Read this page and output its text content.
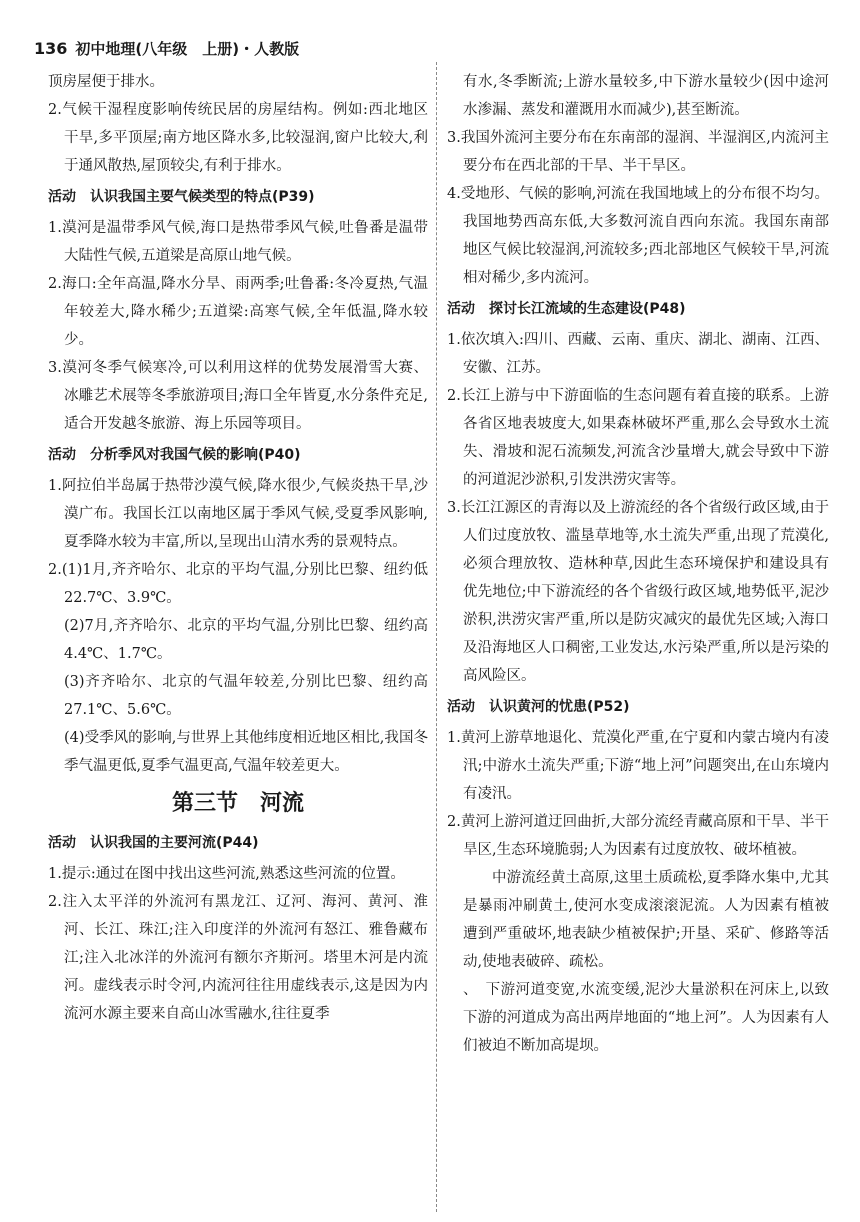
136 初中地理(八年级　上册)・人教版

顶房屋便于排水。

2.气候干湿程度影响传统民居的房屋结构。例如:西北地区干旱,多平顶屋;南方地区降水多,比较湿润,窗户比较大,利于通风散热,屋顶较尖,有利于排水。

活动　认识我国主要气候类型的特点(P39)

1.漠河是温带季风气候,海口是热带季风气候,吐鲁番是温带大陆性气候,五道梁是高原山地气候。

2.海口:全年高温,降水分旱、雨两季;吐鲁番:冬冷夏热,气温年较差大,降水稀少;五道梁:高寒气候,全年低温,降水较少。

3.漠河冬季气候寒冷,可以利用这样的优势发展滑雪大赛、冰雕艺术展等冬季旅游项目;海口全年皆夏,水分条件充足,适合开发越冬旅游、海上乐园等项目。

活动　分析季风对我国气候的影响(P40)

1.阿拉伯半岛属于热带沙漠气候,降水很少,气候炎热干旱,沙漠广布。我国长江以南地区属于季风气候,受夏季风影响,夏季降水较为丰富,所以,呈现出山清水秀的景观特点。

2.(1)1月,齐齐哈尔、北京的平均气温,分别比巴黎、纽约低22.7℃、3.9℃。

(2)7月,齐齐哈尔、北京的平均气温,分别比巴黎、纽约高4.4℃、1.7℃。

(3)齐齐哈尔、北京的气温年较差,分别比巴黎、纽约高27.1℃、5.6℃。

(4)受季风的影响,与世界上其他纬度相近地区相比,我国冬季气温更低,夏季气温更高,气温年较差更大。

第三节　河流
活动　认识我国的主要河流(P44)

1.提示:通过在图中找出这些河流,熟悉这些河流的位置。

2.注入太平洋的外流河有黑龙江、辽河、海河、黄河、淮河、长江、珠江;注入印度洋的外流河有怒江、雅鲁藏布江;注入北冰洋的外流河有额尔齐斯河。塔里木河是内流河。虚线表示时令河,内流河往往用虚线表示,这是因为内流河水源主要来自高山冰雪融水,往往夏季

有水,冬季断流;上游水量较多,中下游水量较少(因中途河水渗漏、蒸发和灌溉用水而减少),甚至断流。

3.我国外流河主要分布在东南部的湿润、半湿润区,内流河主要分布在西北部的干旱、半干旱区。

4.受地形、气候的影响,河流在我国地域上的分布很不均匀。我国地势西高东低,大多数河流自西向东流。我国东南部地区气候比较湿润,河流较多;西北部地区气候较干旱,河流相对稀少,多内流河。

活动　探讨长江流域的生态建设(P48)

1.依次填入:四川、西藏、云南、重庆、湖北、湖南、江西、安徽、江苏。

2.长江上游与中下游面临的生态问题有着直接的联系。上游各省区地表坡度大,如果森林破坏严重,那么会导致水土流失、滑坡和泥石流频发,河流含沙量增大,就会导致中下游的河道泥沙淤积,引发洪涝灾害等。

3.长江江源区的青海以及上游流经的各个省级行政区域,由于人们过度放牧、滥垦草地等,水土流失严重,出现了荒漠化,必须合理放牧、造林种草,因此生态环境保护和建设具有优先地位;中下游流经的各个省级行政区域,地势低平,泥沙淤积,洪涝灾害严重,所以是防灾减灾的最优先区域;入海口及沿海地区人口稠密,工业发达,水污染严重,所以是污染的高风险区。

活动　认识黄河的忧患(P52)

1.黄河上游草地退化、荒漠化严重,在宁夏和内蒙古境内有凌汛;中游水土流失严重;下游“地上河”问题突出,在山东境内有凌汛。

2.黄河上游河道迂回曲折,大部分流经青藏高原和干旱、半干旱区,生态环境脆弱;人为因素有过度放牧、破坏植被。

中游流经黄土高原,这里土质疏松,夏季降水集中,尤其是暴雨冲刷黄土,使河水变成滚滚泥流。人为因素有植被遭到严重破坏,地表缺少植被保护;开垦、采矿、修路等活动,使地表破碎、疏松。

、　下游河道变宽,水流变缓,泥沙大量淤积在河床上,以致下游的河道成为高出两岸地面的“地上河”。人为因素有人们被迫不断加高堤坝。
